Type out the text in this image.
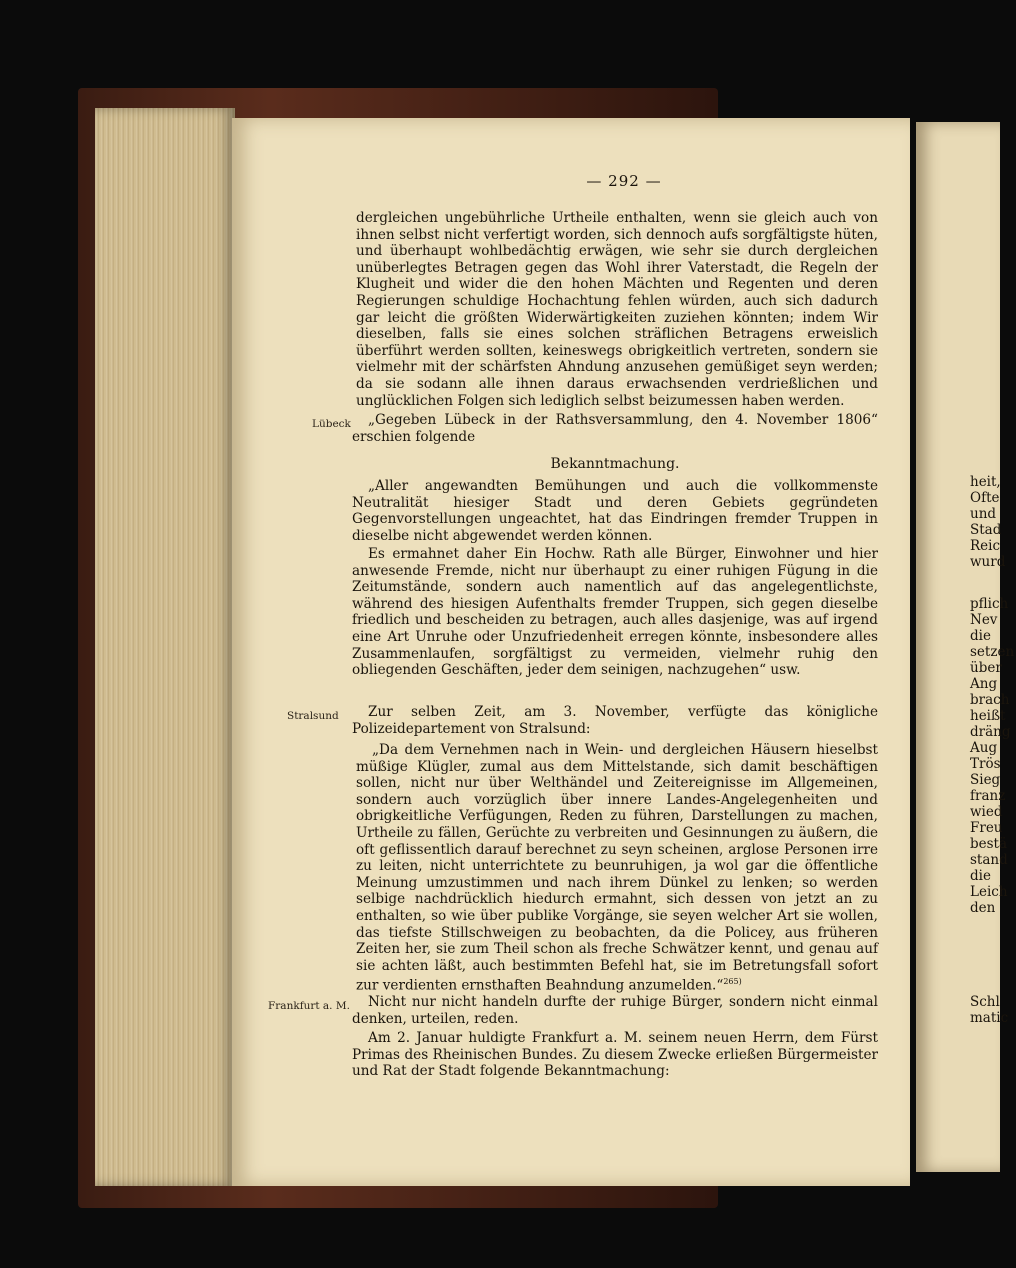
— 292 —

dergleichen ungebührliche Urtheile enthalten, wenn sie gleich auch von ihnen selbst nicht verfertigt worden, sich dennoch aufs sorgfältigste hüten, und überhaupt wohlbedächtig erwägen, wie sehr sie durch dergleichen unüberlegtes Betragen gegen das Wohl ihrer Vaterstadt, die Regeln der Klugheit und wider die den hohen Mächten und Regenten und deren Regierungen schuldige Hochachtung fehlen würden, auch sich dadurch gar leicht die größten Widerwärtigkeiten zuziehen könnten; indem Wir dieselben, falls sie eines solchen sträflichen Betragens erweislich überführt werden sollten, keineswegs obrigkeitlich vertreten, sondern sie vielmehr mit der schärfsten Ahndung anzusehen gemüßiget seyn werden; da sie sodann alle ihnen daraus erwachsenden verdrießlichen und unglücklichen Folgen sich lediglich selbst beizumessen haben werden.

Lübeck	„Gegeben Lübeck in der Rathsversammlung, den 4. November 1806“ erschien folgende

Bekanntmachung.

„Aller angewandten Bemühungen und auch die vollkommenste Neutralität hiesiger Stadt und deren Gebiets gegründeten Gegenvorstellungen ungeachtet, hat das Eindringen fremder Truppen in dieselbe nicht abgewendet werden können.

Es ermahnet daher Ein Hochw. Rath alle Bürger, Einwohner und hier anwesende Fremde, nicht nur überhaupt zu einer ruhigen Fügung in die Zeitumstände, sondern auch namentlich auf das angelegentlichste, während des hiesigen Aufenthalts fremder Truppen, sich gegen dieselbe friedlich und bescheiden zu betragen, auch alles dasjenige, was auf irgend eine Art Unruhe oder Unzufriedenheit erregen könnte, insbesondere alles Zusammenlaufen, sorgfältigst zu vermeiden, vielmehr ruhig den obliegenden Geschäften, jeder dem seinigen, nachzugehen“ usw.

Stralsund	Zur selben Zeit, am 3. November, verfügte das königliche Polizeidepartement von Stralsund:

„Da dem Vernehmen nach in Wein- und dergleichen Häusern hieselbst müßige Klügler, zumal aus dem Mittelstande, sich damit beschäftigen sollen, nicht nur über Welthändel und Zeitereignisse im Allgemeinen, sondern auch vorzüglich über innere Landes-Angelegenheiten und obrigkeitliche Verfügungen, Reden zu führen, Darstellungen zu machen, Urtheile zu fällen, Gerüchte zu verbreiten und Gesinnungen zu äußern, die oft geflissentlich darauf berechnet zu seyn scheinen, arglose Personen irre zu leiten, nicht unterrichtete zu beunruhigen, ja wol gar die öffentliche Meinung umzustimmen und nach ihrem Dünkel zu lenken; so werden selbige nachdrücklich hiedurch ermahnt, sich dessen von jetzt an zu enthalten, so wie über publike Vorgänge, sie seyen welcher Art sie wollen, das tiefste Stillschweigen zu beobachten, da die Policey, aus früheren Zeiten her, sie zum Theil schon als freche Schwätzer kennt, und genau auf sie achten läßt, auch bestimmten Befehl hat, sie im Betretungsfall sofort zur verdienten ernsthaften Beahndung anzumelden.“$^{265)}$

Frankfurt a. M.	Nicht nur nicht handeln durfte der ruhige Bürger, sondern nicht einmal denken, urteilen, reden.

Am 2. Januar huldigte Frankfurt a. M. seinem neuen Herrn, dem Fürst Primas des Rheinischen Bundes. Zu diesem Zwecke erließen Bürgermeister und Rat der Stadt folgende Bekanntmachung:

heit,
Ofte
und
Stad
Reic
wurd
pflich
Nev
die
setzen
über
Ang
brach
heißt
dräng
Aug
Trös
Sieg
franz
wied
Freu
bestä
stand
die
Leich
den
Schl
matic
